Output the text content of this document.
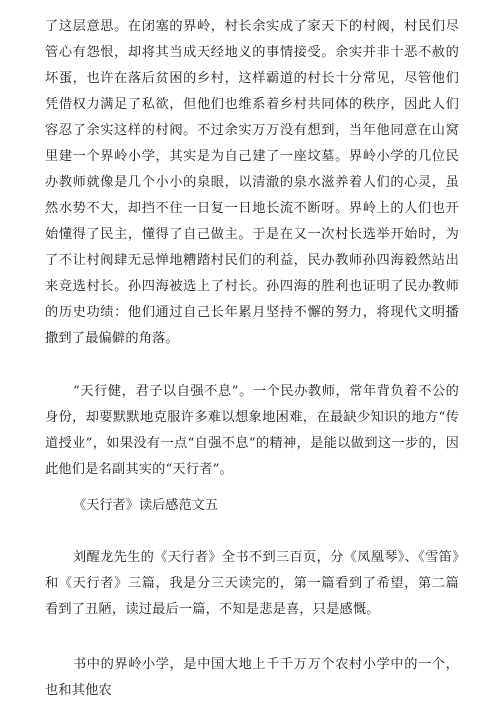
了这层意思。在闭塞的界岭，村长余实成了家天下的村阀，村民们尽管心有怨恨，却将其当成天经地义的事情接受。余实并非十恶不赦的坏蛋，也许在落后贫困的乡村，这样霸道的村长十分常见，尽管他们凭借权力满足了私欲，但他们也维系着乡村共同体的秩序，因此人们容忍了余实这样的村阀。不过余实万万没有想到，当年他同意在山窝里建一个界岭小学，其实是为自己建了一座坟墓。界岭小学的几位民办教师就像是几个小小的泉眼，以清澈的泉水滋养着人们的心灵，虽然水势不大，却挡不住一日复一日地长流不断呀。界岭上的人们也开始懂得了民主，懂得了自己做主。于是在又一次村长选举开始时，为了不让村阀肆无忌惮地糟踏村民们的利益，民办教师孙四海毅然站出来竞选村长。孙四海被选上了村长。孙四海的胜利也证明了民办教师的历史功绩：他们通过自己长年累月坚持不懈的努力，将现代文明播撒到了最偏僻的角落。

“天行健，君子以自强不息”。一个民办教师，常年背负着不公的身份，却要默默地克服许多难以想象地困难，在最缺少知识的地方“传道授业”，如果没有一点“自强不息”的精神，是能以做到这一步的，因此他们是名副其实的“天行者”。

《天行者》读后感范文五

刘醒龙先生的《天行者》全书不到三百页，分《凤凰琴》、《雪笛》和《天行者》三篇，我是分三天读完的，第一篇看到了希望，第二篇看到了丑陋，读过最后一篇，不知是悲是喜，只是感慨。

书中的界岭小学，是中国大地上千千万万个农村小学中的一个，也和其他农
